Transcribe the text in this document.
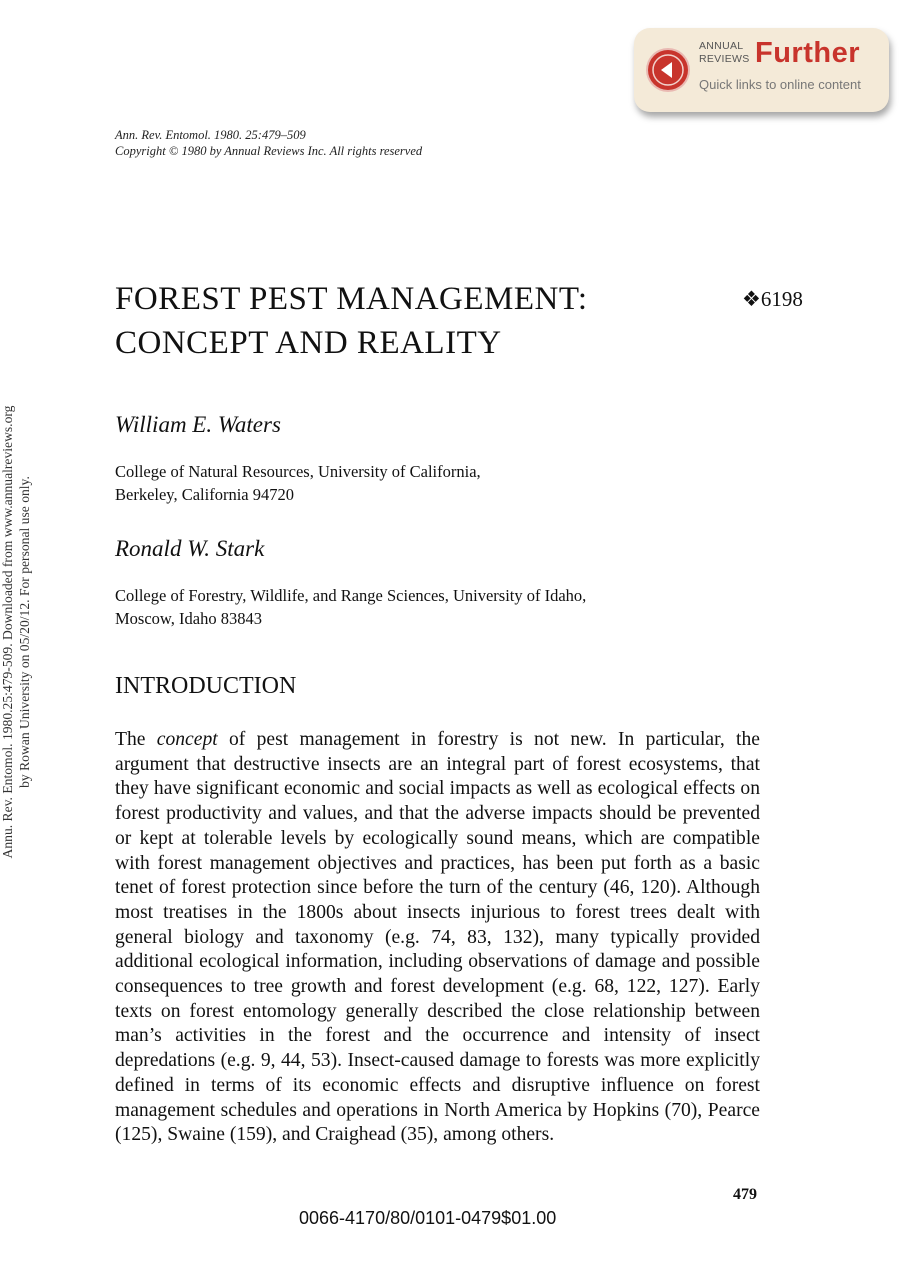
ANNUAL
REVIEWS Further
Quick links to online content
Ann. Rev. Entomol. 1980. 25:479–509
Copyright © 1980 by Annual Reviews Inc. All rights reserved
Annu. Rev. Entomol. 1980.25:479-509. Downloaded from www.annualreviews.org by Rowan University on 05/20/12. For personal use only.
FOREST PEST MANAGEMENT:
CONCEPT AND REALITY
❖6198
William E. Waters
College of Natural Resources, University of California,
Berkeley, California 94720
Ronald W. Stark
College of Forestry, Wildlife, and Range Sciences, University of Idaho,
Moscow, Idaho 83843
INTRODUCTION
The concept of pest management in forestry is not new. In particular, the argument that destructive insects are an integral part of forest ecosystems, that they have significant economic and social impacts as well as ecological effects on forest productivity and values, and that the adverse impacts should be prevented or kept at tolerable levels by ecologically sound means, which are compatible with forest management objectives and practices, has been put forth as a basic tenet of forest protection since before the turn of the century (46, 120). Although most treatises in the 1800s about insects injurious to forest trees dealt with general biology and taxonomy (e.g. 74, 83, 132), many typically provided additional ecological information, including observations of damage and possible consequences to tree growth and forest development (e.g. 68, 122, 127). Early texts on forest entomology generally described the close relationship between man’s activities in the forest and the occurrence and intensity of insect depredations (e.g. 9, 44, 53). Insect-caused damage to forests was more explicitly defined in terms of its economic effects and disruptive influence on forest management schedules and operations in North America by Hopkins (70), Pearce (125), Swaine (159), and Craighead (35), among others.
479
0066-4170/80/0101-0479$01.00
